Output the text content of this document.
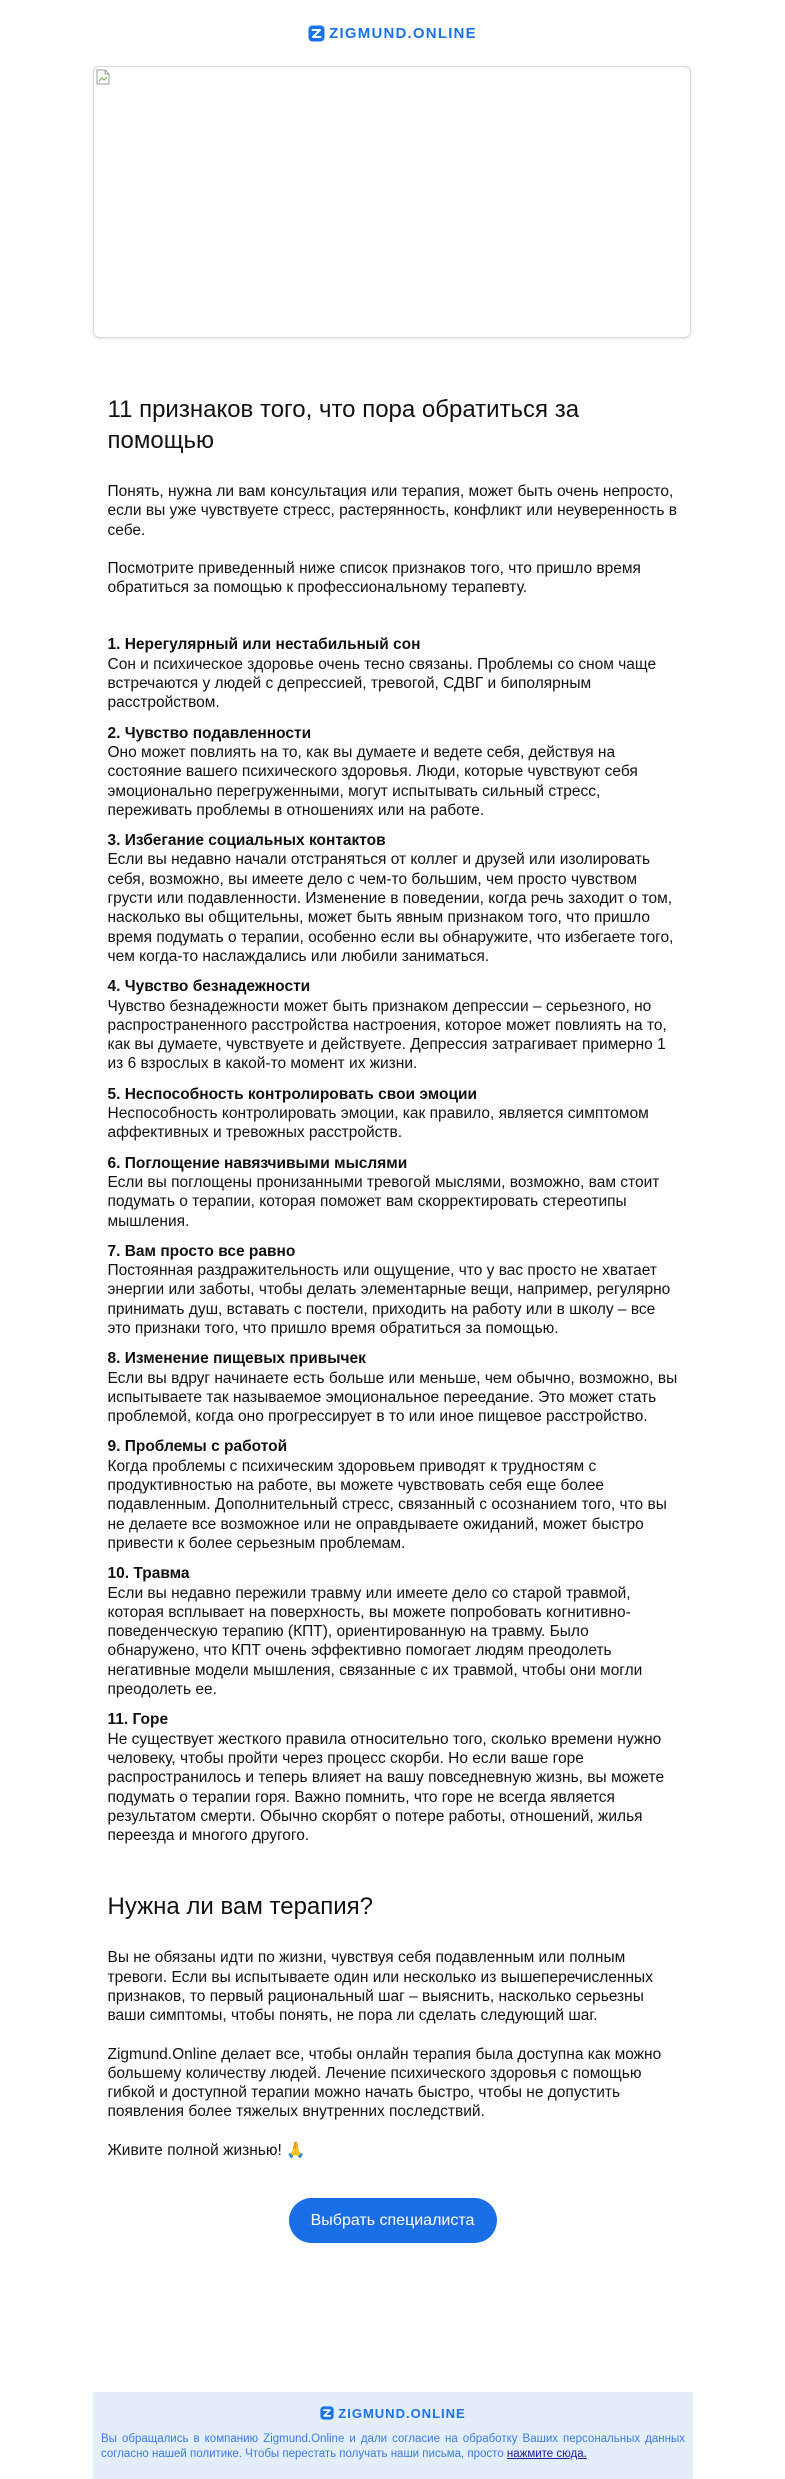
ZIGMUND.ONLINE
11 признаков того, что пора обратиться за помощью

Понять, нужна ли вам консультация или терапия, может быть очень непросто, если вы уже чувствуете стресс, растерянность, конфликт или неуверенность в себе.

Посмотрите приведенный ниже список признаков того, что пришло время обратиться за помощью к профессиональному терапевту.

1. Нерегулярный или нестабильный сон
Сон и психическое здоровье очень тесно связаны. Проблемы со сном чаще встречаются у людей с депрессией, тревогой, СДВГ и биполярным расстройством.
2. Чувство подавленности
Оно может повлиять на то, как вы думаете и ведете себя, действуя на состояние вашего психического здоровья. Люди, которые чувствуют себя эмоционально перегруженными, могут испытывать сильный стресс, переживать проблемы в отношениях или на работе.
3. Избегание социальных контактов
Если вы недавно начали отстраняться от коллег и друзей или изолировать себя, возможно, вы имеете дело с чем-то большим, чем просто чувством грусти или подавленности. Изменение в поведении, когда речь заходит о том, насколько вы общительны, может быть явным признаком того, что пришло время подумать о терапии, особенно если вы обнаружите, что избегаете того, чем когда-то наслаждались или любили заниматься.
4. Чувство безнадежности
Чувство безнадежности может быть признаком депрессии – серьезного, но распространенного расстройства настроения, которое может повлиять на то, как вы думаете, чувствуете и действуете. Депрессия затрагивает примерно 1 из 6 взрослых в какой-то момент их жизни.
5. Неспособность контролировать свои эмоции
Неспособность контролировать эмоции, как правило, является симптомом аффективных и тревожных расстройств.
6. Поглощение навязчивыми мыслями
Если вы поглощены пронизанными тревогой мыслями, возможно, вам стоит подумать о терапии, которая поможет вам скорректировать стереотипы мышления.
7. Вам просто все равно
Постоянная раздражительность или ощущение, что у вас просто не хватает энергии или заботы, чтобы делать элементарные вещи, например, регулярно принимать душ, вставать с постели, приходить на работу или в школу – все это признаки того, что пришло время обратиться за помощью.
8. Изменение пищевых привычек
Если вы вдруг начинаете есть больше или меньше, чем обычно, возможно, вы испытываете так называемое эмоциональное переедание. Это может стать проблемой, когда оно прогрессирует в то или иное пищевое расстройство.
9. Проблемы с работой
Когда проблемы с психическим здоровьем приводят к трудностям с продуктивностью на работе, вы можете чувствовать себя еще более подавленным. Дополнительный стресс, связанный с осознанием того, что вы не делаете все возможное или не оправдываете ожиданий, может быстро привести к более серьезным проблемам.
10. Травма
Если вы недавно пережили травму или имеете дело со старой травмой, которая всплывает на поверхность, вы можете попробовать когнитивно-поведенческую терапию (КПТ), ориентированную на травму. Было обнаружено, что КПТ очень эффективно помогает людям преодолеть негативные модели мышления, связанные с их травмой, чтобы они могли преодолеть ее.
11. Горе
Не существует жесткого правила относительно того, сколько времени нужно человеку, чтобы пройти через процесс скорби. Но если ваше горе распространилось и теперь влияет на вашу повседневную жизнь, вы можете подумать о терапии горя. Важно помнить, что горе не всегда является результатом смерти. Обычно скорбят о потере работы, отношений, жилья переезда и многого другого.
Нужна ли вам терапия?

Вы не обязаны идти по жизни, чувствуя себя подавленным или полным тревоги. Если вы испытываете один или несколько из вышеперечисленных признаков, то первый рациональный шаг – выяснить, насколько серьезны ваши симптомы, чтобы понять, не пора ли сделать следующий шаг.

Zigmund.Online делает все, чтобы онлайн терапия была доступна как можно большему количеству людей. Лечение психического здоровья с помощью гибкой и доступной терапии можно начать быстро, чтобы не допустить появления более тяжелых внутренних последствий.

Живите полной жизнью! 🙏

Выбрать специалиста
ZIGMUND.ONLINE
Вы обращались в компанию Zigmund.Online и дали согласие на обработку Ваших персональных данных согласно нашей политике. Чтобы перестать получать наши письма, просто нажмите сюда.
